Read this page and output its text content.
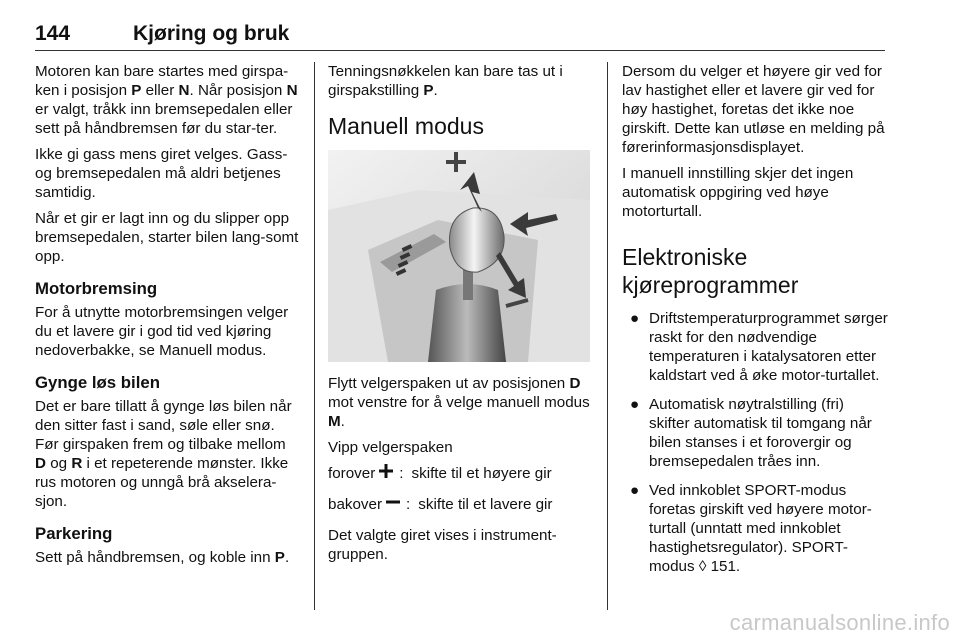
144	Kjøring og bruk

Motoren kan bare startes med girspa-ken i posisjon P eller N. Når posisjon N er valgt, tråkk inn bremsepedalen eller sett på håndbremsen før du star-ter.

Ikke gi gass mens giret velges. Gass- og bremsepedalen må aldri betjenes samtidig.

Når et gir er lagt inn og du slipper opp bremsepedalen, starter bilen lang-somt opp.

Motorbremsing

For å utnytte motorbremsingen velger du et lavere gir i god tid ved kjøring nedoverbakke, se Manuell modus.

Gynge løs bilen

Det er bare tillatt å gynge løs bilen når den sitter fast i sand, søle eller snø. Før girspaken frem og tilbake mellom D og R i et repeterende mønster. Ikke rus motoren og unngå brå akselera-sjon.

Parkering

Sett på håndbremsen, og koble inn P.

Tenningsnøkkelen kan bare tas ut i girspakstilling P.

Manuell modus

Flytt velgerspaken ut av posisjonen D mot venstre for å velge manuell modus M.

Vipp velgerspaken

forover : skifte til et høyere gir
bakover : skifte til et lavere gir

Det valgte giret vises i instrument-gruppen.

Dersom du velger et høyere gir ved for lav hastighet eller et lavere gir ved for høy hastighet, foretas det ikke noe girskift. Dette kan utløse en melding på førerinformasjonsdisplayet.

I manuell innstilling skjer det ingen automatisk oppgiring ved høye motorturtall.

Elektroniske
kjøreprogrammer
● Driftstemperaturprogrammet sørger raskt for den nødvendige temperaturen i katalysatoren etter kaldstart ved å øke motor-turtallet.
● Automatisk nøytralstilling (fri) skifter automatisk til tomgang når bilen stanses i et forovergir og bremsepedalen tråes inn.
● Ved innkoblet SPORT-modus foretas girskift ved høyere motor-turtall (unntatt med innkoblet hastighetsregulator). SPORT-modus ◊ 151.
carmanualsonline.info
